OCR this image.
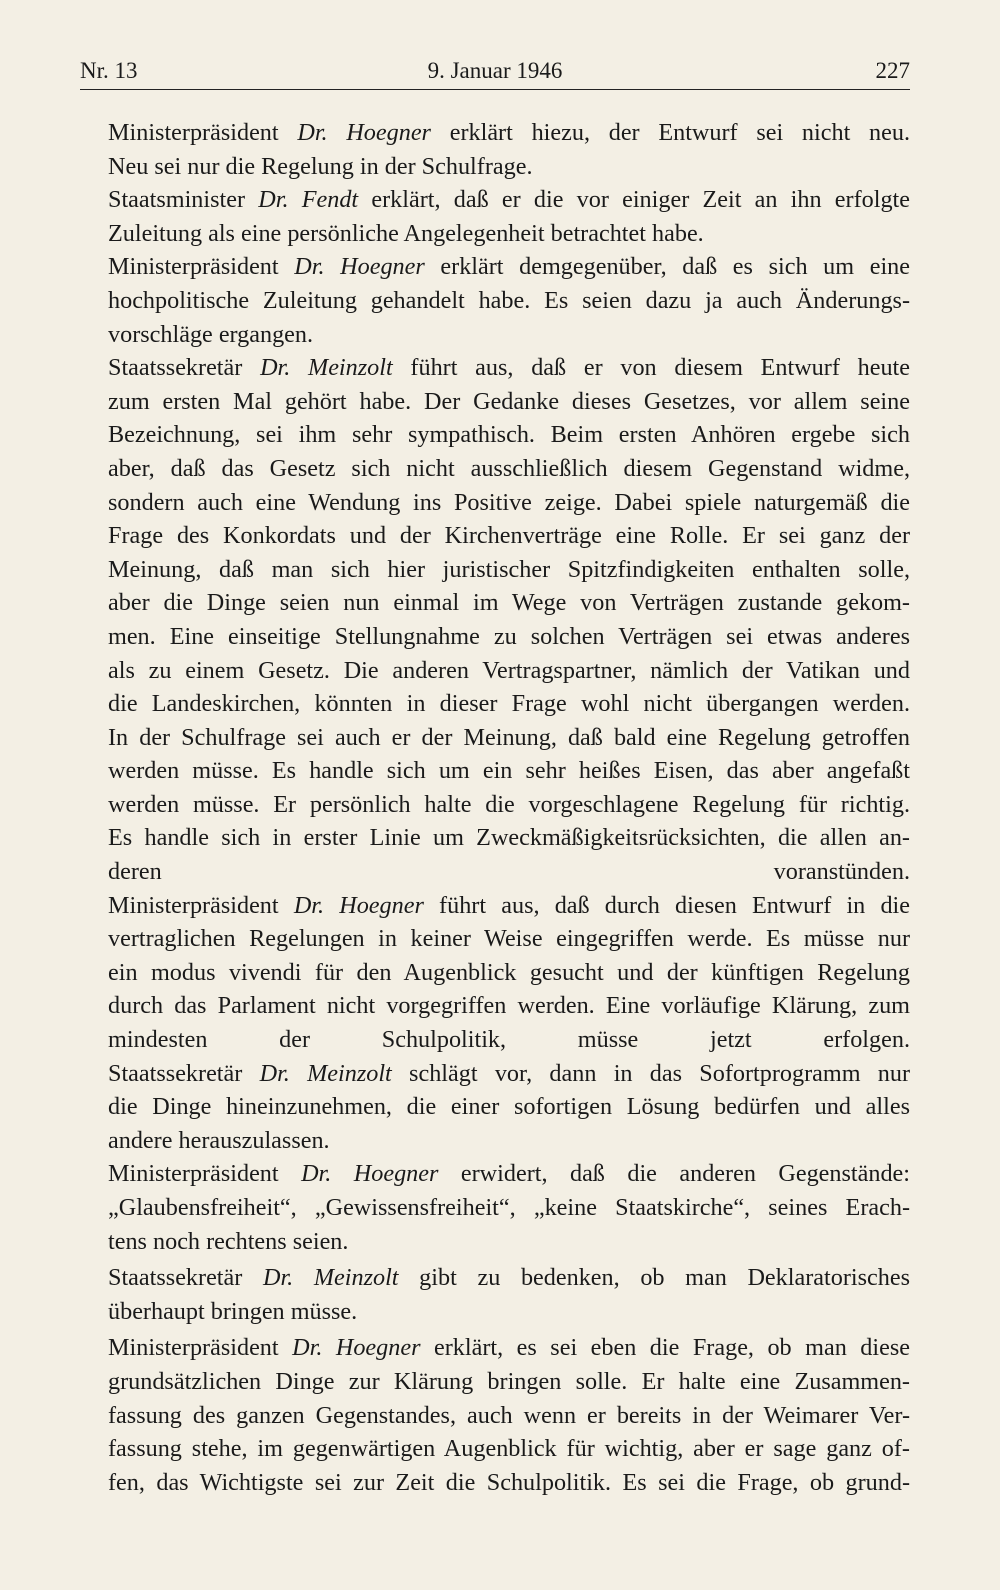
Nr. 13	9. Januar 1946	227

Ministerpräsident Dr. Hoegner erklärt hiezu, der Entwurf sei nicht neu.
Neu sei nur die Regelung in der Schulfrage.

Staatsminister Dr. Fendt erklärt, daß er die vor einiger Zeit an ihn erfolgte
Zuleitung als eine persönliche Angelegenheit betrachtet habe.

Ministerpräsident Dr. Hoegner erklärt demgegenüber, daß es sich um eine
hochpolitische Zuleitung gehandelt habe. Es seien dazu ja auch Änderungs-
vorschläge ergangen.

Staatssekretär Dr. Meinzolt führt aus, daß er von diesem Entwurf heute
zum ersten Mal gehört habe. Der Gedanke dieses Gesetzes, vor allem seine
Bezeichnung, sei ihm sehr sympathisch. Beim ersten Anhören ergebe sich
aber, daß das Gesetz sich nicht ausschließlich diesem Gegenstand widme,
sondern auch eine Wendung ins Positive zeige. Dabei spiele naturgemäß die
Frage des Konkordats und der Kirchenverträge eine Rolle. Er sei ganz der
Meinung, daß man sich hier juristischer Spitzfindigkeiten enthalten solle,
aber die Dinge seien nun einmal im Wege von Verträgen zustande gekom-
men. Eine einseitige Stellungnahme zu solchen Verträgen sei etwas anderes
als zu einem Gesetz. Die anderen Vertragspartner, nämlich der Vatikan und
die Landeskirchen, könnten in dieser Frage wohl nicht übergangen werden.
In der Schulfrage sei auch er der Meinung, daß bald eine Regelung getroffen
werden müsse. Es handle sich um ein sehr heißes Eisen, das aber angefaßt
werden müsse. Er persönlich halte die vorgeschlagene Regelung für richtig.
Es handle sich in erster Linie um Zweckmäßigkeitsrücksichten, die allen an-
deren voranstünden.

Ministerpräsident Dr. Hoegner führt aus, daß durch diesen Entwurf in die
vertraglichen Regelungen in keiner Weise eingegriffen werde. Es müsse nur
ein modus vivendi für den Augenblick gesucht und der künftigen Regelung
durch das Parlament nicht vorgegriffen werden. Eine vorläufige Klärung, zum
mindesten der Schulpolitik, müsse jetzt erfolgen.

Staatssekretär Dr. Meinzolt schlägt vor, dann in das Sofortprogramm nur
die Dinge hineinzunehmen, die einer sofortigen Lösung bedürfen und alles
andere herauszulassen.

Ministerpräsident Dr. Hoegner erwidert, daß die anderen Gegenstände:
„Glaubensfreiheit“, „Gewissensfreiheit“, „keine Staatskirche“, seines Erach-
tens noch rechtens seien.

Staatssekretär Dr. Meinzolt gibt zu bedenken, ob man Deklaratorisches
überhaupt bringen müsse.

Ministerpräsident Dr. Hoegner erklärt, es sei eben die Frage, ob man diese
grundsätzlichen Dinge zur Klärung bringen solle. Er halte eine Zusammen-
fassung des ganzen Gegenstandes, auch wenn er bereits in der Weimarer Ver-
fassung stehe, im gegenwärtigen Augenblick für wichtig, aber er sage ganz of-
fen, das Wichtigste sei zur Zeit die Schulpolitik. Es sei die Frage, ob grund-
